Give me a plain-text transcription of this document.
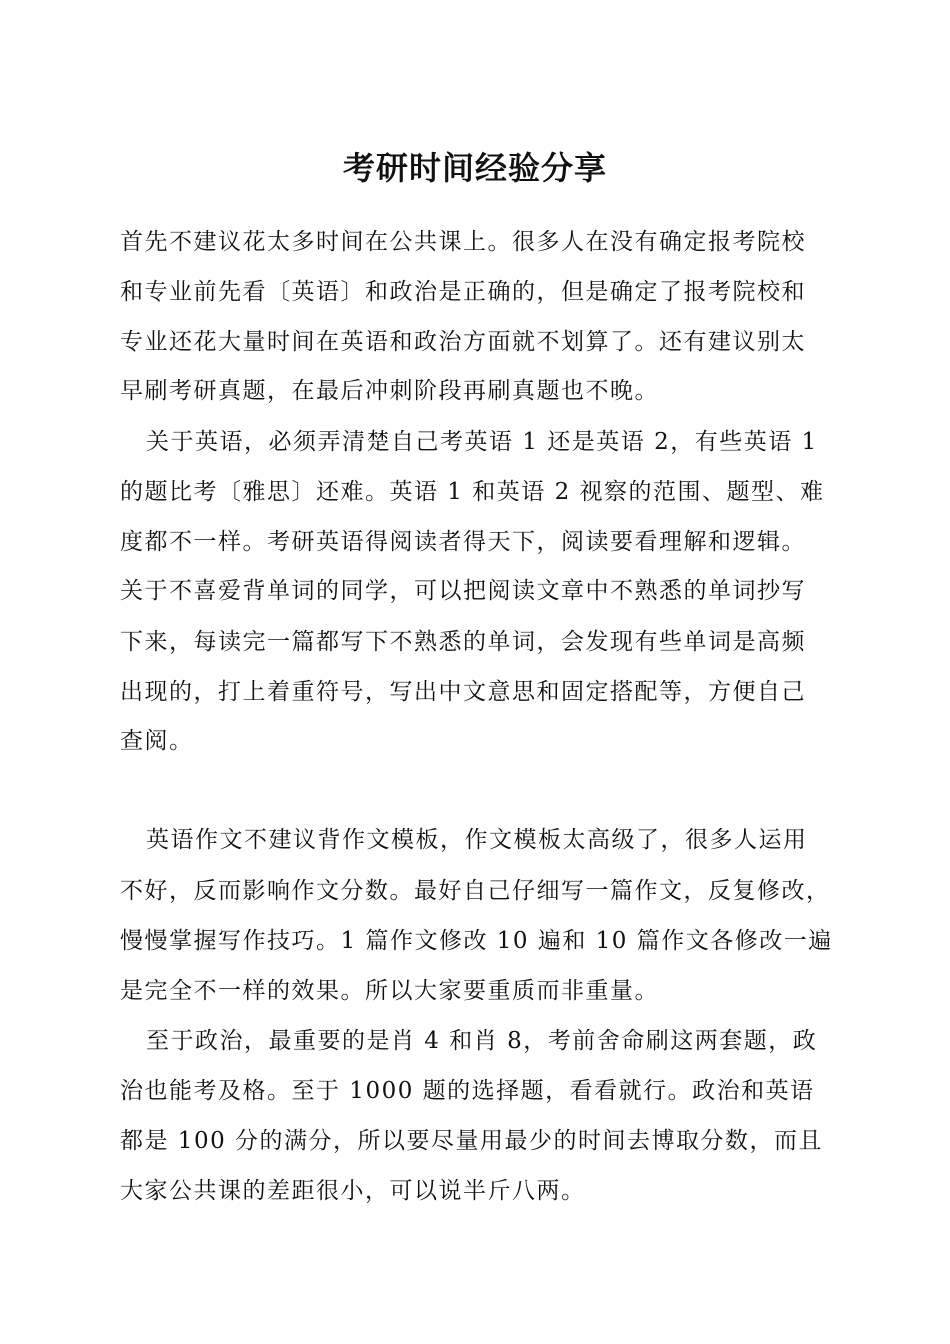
考研时间经验分享
首先不建议花太多时间在公共课上。很多人在没有确定报考院校
和专业前先看〔英语〕和政治是正确的，但是确定了报考院校和
专业还花大量时间在英语和政治方面就不划算了。还有建议别太
早刷考研真题，在最后冲刺阶段再刷真题也不晚。
关于英语，必须弄清楚自己考英语 1 还是英语 2，有些英语 1
的题比考〔雅思〕还难。英语 1 和英语 2 视察的范围、题型、难
度都不一样。考研英语得阅读者得天下，阅读要看理解和逻辑。
关于不喜爱背单词的同学，可以把阅读文章中不熟悉的单词抄写
下来，每读完一篇都写下不熟悉的单词，会发现有些单词是高频
出现的，打上着重符号，写出中文意思和固定搭配等，方便自己
查阅。
英语作文不建议背作文模板，作文模板太高级了，很多人运用
不好，反而影响作文分数。最好自己仔细写一篇作文，反复修改，
慢慢掌握写作技巧。1 篇作文修改 10 遍和 10 篇作文各修改一遍
是完全不一样的效果。所以大家要重质而非重量。
至于政治，最重要的是肖 4 和肖 8，考前舍命刷这两套题，政
治也能考及格。至于 1000 题的选择题，看看就行。政治和英语
都是 100 分的满分，所以要尽量用最少的时间去博取分数，而且
大家公共课的差距很小，可以说半斤八两。
